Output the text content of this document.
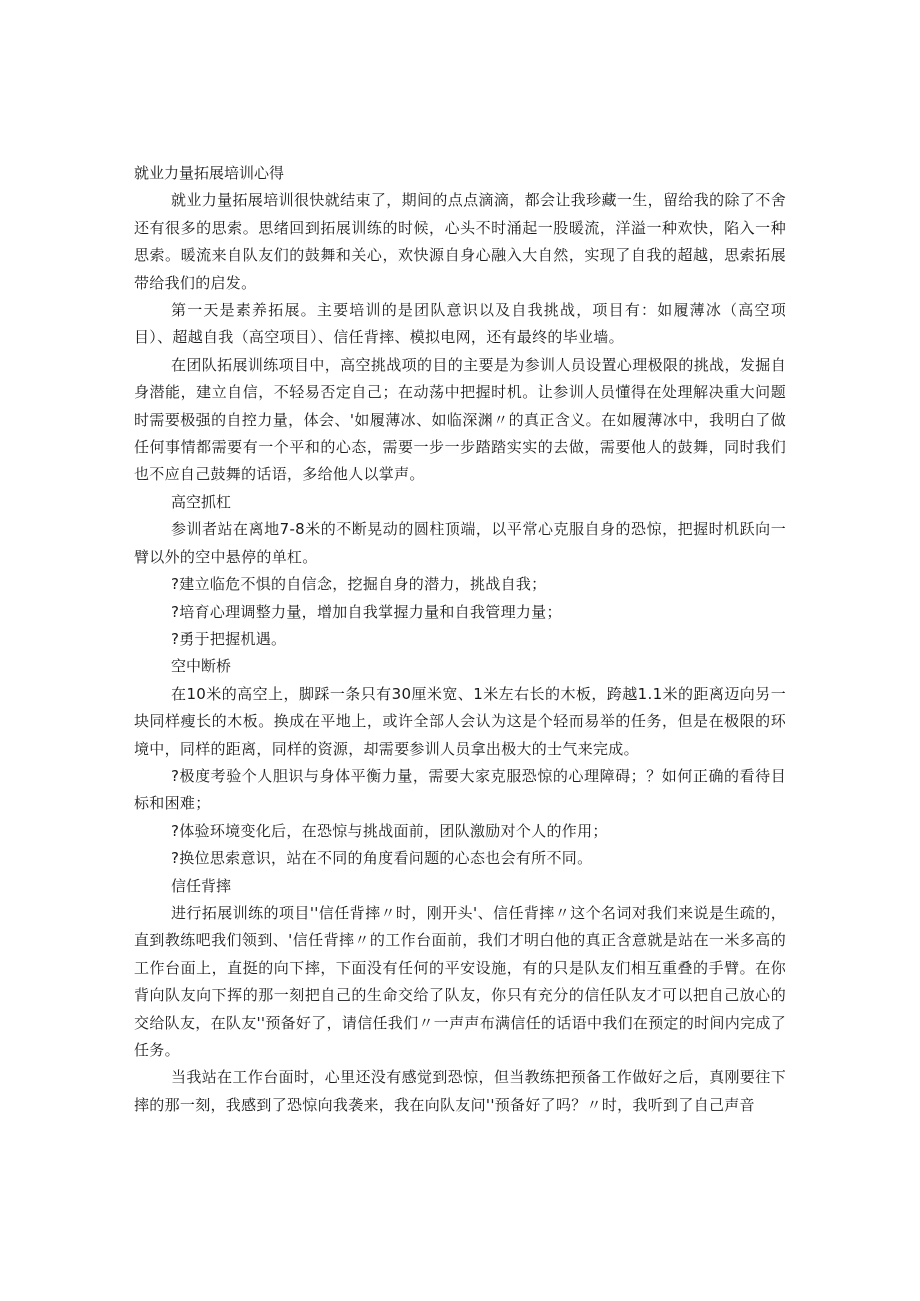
就业力量拓展培训心得

就业力量拓展培训很快就结束了，期间的点点滴滴，都会让我珍藏一生，留给我的除了不舍还有很多的思索。思绪回到拓展训练的时候，心头不时涌起一股暖流，洋溢一种欢快，陷入一种思索。暖流来自队友们的鼓舞和关心，欢快源自身心融入大自然，实现了自我的超越，思索拓展带给我们的启发。

第一天是素养拓展。主要培训的是团队意识以及自我挑战，项目有：如履薄冰（高空项目）、超越自我（高空项目）、信任背摔、模拟电网，还有最终的毕业墙。

在团队拓展训练项目中，高空挑战项的目的主要是为参训人员设置心理极限的挑战，发掘自身潜能，建立自信，不轻易否定自己；在动荡中把握时机。让参训人员懂得在处理解决重大问题时需要极强的自控力量，体会、'如履薄冰、如临深渊〃的真正含义。在如履薄冰中，我明白了做任何事情都需要有一个平和的心态，需要一步一步踏踏实实的去做，需要他人的鼓舞，同时我们也不应自己鼓舞的话语，多给他人以掌声。

高空抓杠

参训者站在离地7-8米的不断晃动的圆柱顶端，以平常心克服自身的恐惊，把握时机跃向一臂以外的空中悬停的单杠。

?建立临危不惧的自信念，挖掘自身的潜力，挑战自我；

?培育心理调整力量，增加自我掌握力量和自我管理力量；

?勇于把握机遇。

空中断桥

在10米的高空上，脚踩一条只有30厘米宽、1米左右长的木板，跨越1.1米的距离迈向另一块同样瘦长的木板。换成在平地上，或许全部人会认为这是个轻而易举的任务，但是在极限的环境中，同样的距离，同样的资源，却需要参训人员拿出极大的士气来完成。

?极度考验个人胆识与身体平衡力量，需要大家克服恐惊的心理障碍；？如何正确的看待目标和困难；

?体验环境变化后，在恐惊与挑战面前，团队激励对个人的作用；

?换位思索意识，站在不同的角度看问题的心态也会有所不同。

信任背摔

进行拓展训练的项目''信任背摔〃时，刚开头'、信任背摔〃这个名词对我们来说是生疏的，直到教练吧我们领到、'信任背摔〃的工作台面前，我们才明白他的真正含意就是站在一米多高的工作台面上，直挺的向下摔，下面没有任何的平安设施，有的只是队友们相互重叠的手臂。在你背向队友向下挥的那一刻把自己的生命交给了队友，你只有充分的信任队友才可以把自己放心的交给队友，在队友''预备好了，请信任我们〃一声声布满信任的话语中我们在预定的时间内完成了任务。

当我站在工作台面时，心里还没有感觉到恐惊，但当教练把预备工作做好之后，真刚要往下摔的那一刻，我感到了恐惊向我袭来，我在向队友问''预备好了吗？〃时，我听到了自己声音
